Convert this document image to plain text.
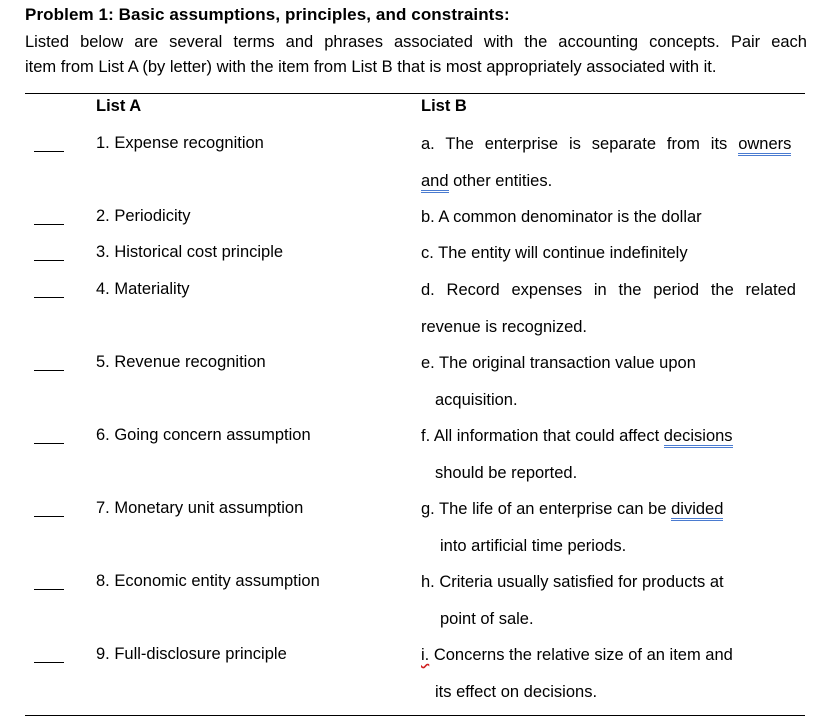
Problem 1: Basic assumptions, principles, and constraints:
Listed below are several terms and phrases associated with the accounting concepts. Pair each
item from List A (by letter) with the item from List B that is most appropriately associated with it.
List A	List B
1. Expense recognition	a. The enterprise is separate from its owners
and other entities.
2. Periodicity	b. A common denominator is the dollar
3. Historical cost principle	c. The entity will continue indefinitely
4. Materiality	d. Record expenses in the period the related
revenue is recognized.
5. Revenue recognition	e. The original transaction value upon
acquisition.
6. Going concern assumption	f. All information that could affect decisions
should be reported.
7. Monetary unit assumption	g. The life of an enterprise can be divided
into artificial time periods.
8. Economic entity assumption	h. Criteria usually satisfied for products at
point of sale.
9. Full-disclosure principle	i. Concerns the relative size of an item and
its effect on decisions.
